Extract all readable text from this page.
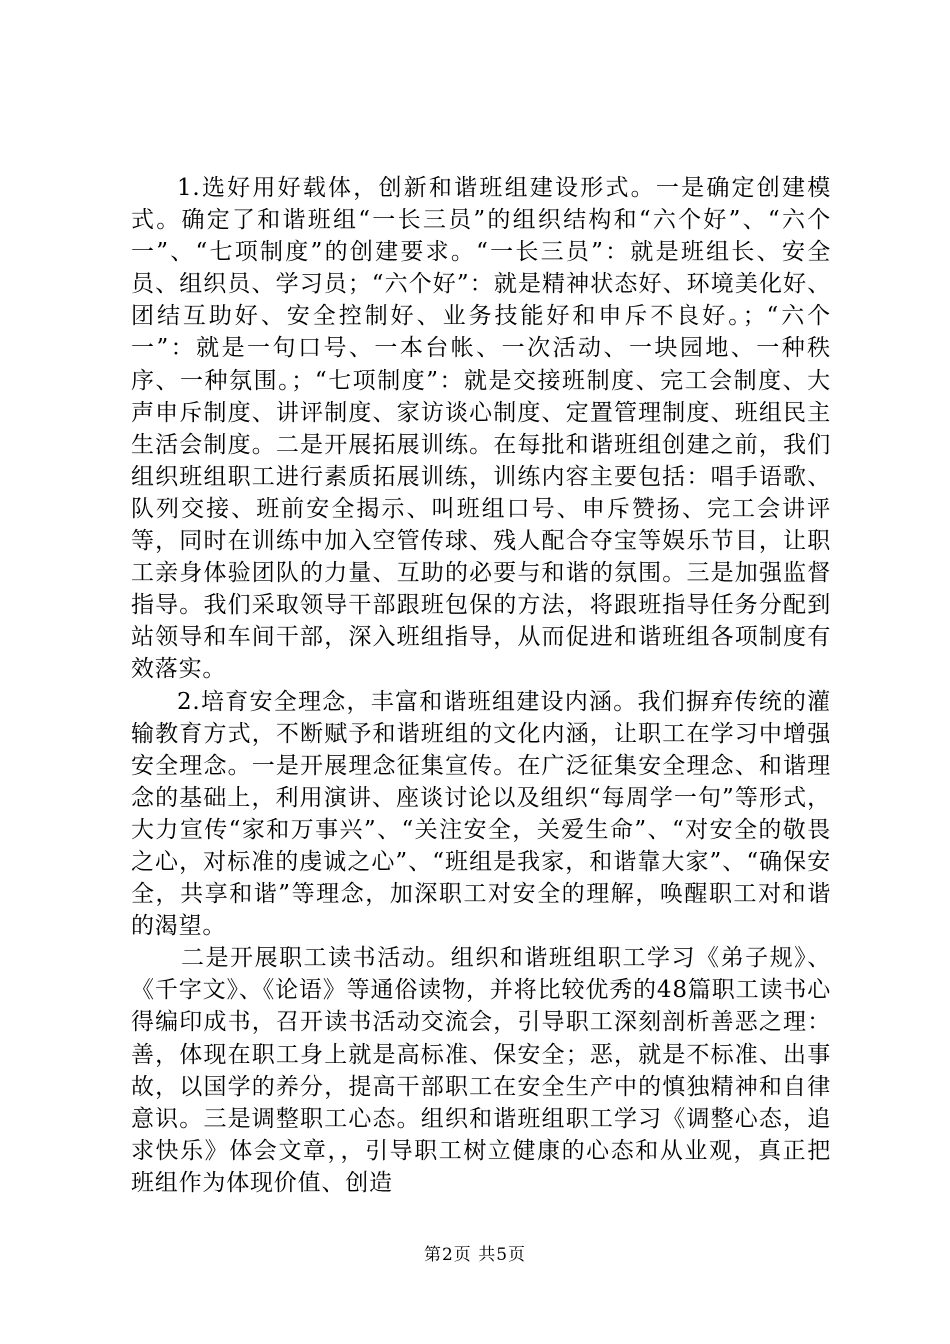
1.选好用好载体，创新和谐班组建设形式。一是确定创建模式。确定了和谐班组“一长三员”的组织结构和“六个好”、“六个一”、“七项制度”的创建要求。“一长三员”：就是班组长、安全员、组织员、学习员；“六个好”：就是精神状态好、环境美化好、团结互助好、安全控制好、业务技能好和申斥不良好。；“六个一”：就是一句口号、一本台帐、一次活动、一块园地、一种秩序、一种氛围。；“七项制度”：就是交接班制度、完工会制度、大声申斥制度、讲评制度、家访谈心制度、定置管理制度、班组民主生活会制度。二是开展拓展训练。在每批和谐班组创建之前，我们组织班组职工进行素质拓展训练，训练内容主要包括：唱手语歌、队列交接、班前安全揭示、叫班组口号、申斥赞扬、完工会讲评等，同时在训练中加入空管传球、残人配合夺宝等娱乐节目，让职工亲身体验团队的力量、互助的必要与和谐的氛围。三是加强监督指导。我们采取领导干部跟班包保的方法，将跟班指导任务分配到站领导和车间干部，深入班组指导，从而促进和谐班组各项制度有效落实。

2.培育安全理念，丰富和谐班组建设内涵。我们摒弃传统的灌输教育方式，不断赋予和谐班组的文化内涵，让职工在学习中增强安全理念。一是开展理念征集宣传。在广泛征集安全理念、和谐理念的基础上，利用演讲、座谈讨论以及组织“每周学一句”等形式，大力宣传“家和万事兴”、“关注安全，关爱生命”、“对安全的敬畏之心，对标准的虔诚之心”、“班组是我家，和谐靠大家”、“确保安全，共享和谐”等理念，加深职工对安全的理解，唤醒职工对和谐的渴望。

二是开展职工读书活动。组织和谐班组职工学习《弟子规》、《千字文》、《论语》等通俗读物，并将比较优秀的48篇职工读书心得编印成书，召开读书活动交流会，引导职工深刻剖析善恶之理：善，体现在职工身上就是高标准、保安全；恶，就是不标准、出事故，以国学的养分，提高干部职工在安全生产中的慎独精神和自律意识。三是调整职工心态。组织和谐班组职工学习《调整心态，追求快乐》体会文章，，引导职工树立健康的心态和从业观，真正把班组作为体现价值、创造

第2页 共5页
